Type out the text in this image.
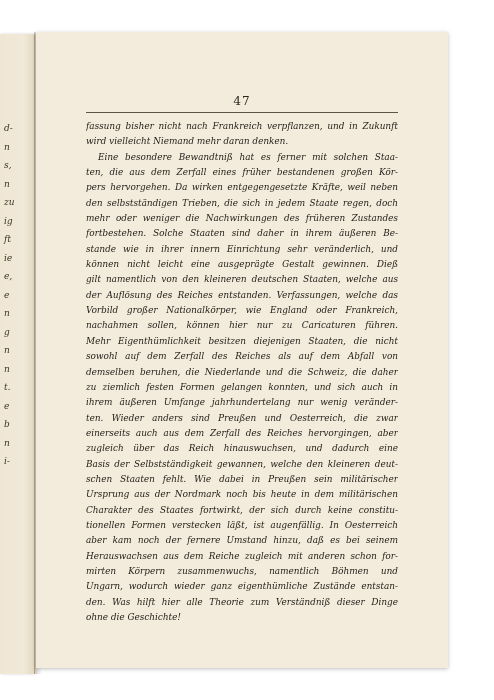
d-
n
s,
n
zu
ig
ft
ie
e,
e
n
g
n
n
t.
e
b
n
i-
47
fassung bisher nicht nach Frankreich verpflanzen, und in Zukunft
wird vielleicht Niemand mehr daran denken.
Eine besondere Bewandtniß hat es ferner mit solchen Staa-
ten, die aus dem Zerfall eines früher bestandenen großen Kör-
pers hervorgehen. Da wirken entgegengesetzte Kräfte, weil neben
den selbstständigen Trieben, die sich in jedem Staate regen, doch
mehr oder weniger die Nachwirkungen des früheren Zustandes
fortbestehen. Solche Staaten sind daher in ihrem äußeren Be-
stande wie in ihrer innern Einrichtung sehr veränderlich, und
können nicht leicht eine ausgeprägte Gestalt gewinnen. Dieß
gilt namentlich von den kleineren deutschen Staaten, welche aus
der Auflösung des Reiches entstanden. Verfassungen, welche das
Vorbild großer Nationalkörper, wie England oder Frankreich,
nachahmen sollen, können hier nur zu Caricaturen führen.
Mehr Eigenthümlichkeit besitzen diejenigen Staaten, die nicht
sowohl auf dem Zerfall des Reiches als auf dem Abfall von
demselben beruhen, die Niederlande und die Schweiz, die daher
zu ziemlich festen Formen gelangen konnten, und sich auch in
ihrem äußeren Umfange jahrhundertelang nur wenig veränder-
ten. Wieder anders sind Preußen und Oesterreich, die zwar
einerseits auch aus dem Zerfall des Reiches hervorgingen, aber
zugleich über das Reich hinauswuchsen, und dadurch eine
Basis der Selbstständigkeit gewannen, welche den kleineren deut-
schen Staaten fehlt. Wie dabei in Preußen sein militärischer
Ursprung aus der Nordmark noch bis heute in dem militärischen
Charakter des Staates fortwirkt, der sich durch keine constitu-
tionellen Formen verstecken läßt, ist augenfällig. In Oesterreich
aber kam noch der fernere Umstand hinzu, daß es bei seinem
Herauswachsen aus dem Reiche zugleich mit anderen schon for-
mirten Körpern zusammenwuchs, namentlich Böhmen und
Ungarn, wodurch wieder ganz eigenthümliche Zustände entstan-
den. Was hilft hier alle Theorie zum Verständniß dieser Dinge
ohne die Geschichte!
